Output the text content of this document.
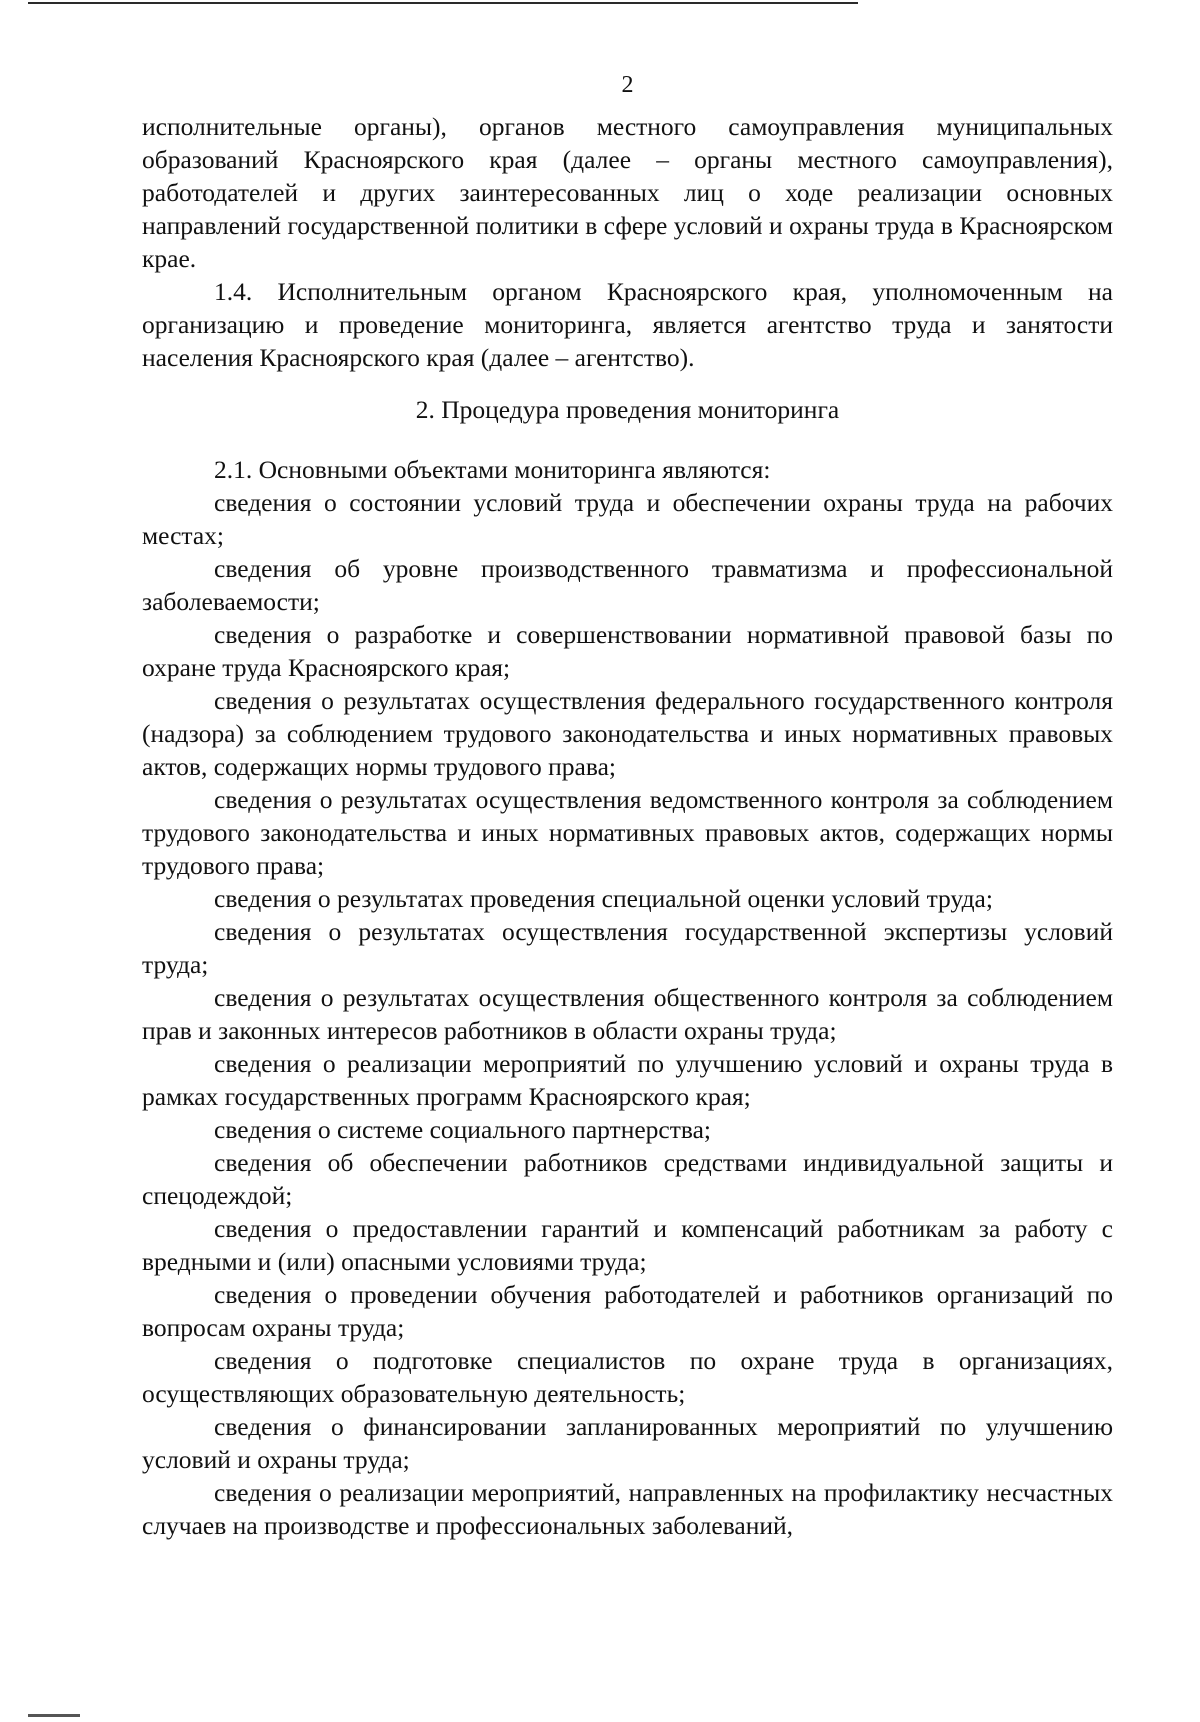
2

исполнительные органы), органов местного самоуправления муниципальных образований Красноярского края (далее – органы местного самоуправления), работодателей и других заинтересованных лиц о ходе реализации основных направлений государственной политики в сфере условий и охраны труда в Красноярском крае.

1.4. Исполнительным органом Красноярского края, уполномоченным на организацию и проведение мониторинга, является агентство труда и занятости населения Красноярского края (далее – агентство).

2. Процедура проведения мониторинга

2.1. Основными объектами мониторинга являются:

сведения о состоянии условий труда и обеспечении охраны труда на рабочих местах;

сведения об уровне производственного травматизма и профессиональной заболеваемости;

сведения о разработке и совершенствовании нормативной правовой базы по охране труда Красноярского края;

сведения о результатах осуществления федерального государственного контроля (надзора) за соблюдением трудового законодательства и иных нормативных правовых актов, содержащих нормы трудового права;

сведения о результатах осуществления ведомственного контроля за соблюдением трудового законодательства и иных нормативных правовых актов, содержащих нормы трудового права;

сведения о результатах проведения специальной оценки условий труда;

сведения о результатах осуществления государственной экспертизы условий труда;

сведения о результатах осуществления общественного контроля за соблюдением прав и законных интересов работников в области охраны труда;

сведения о реализации мероприятий по улучшению условий и охраны труда в рамках государственных программ Красноярского края;

сведения о системе социального партнерства;

сведения об обеспечении работников средствами индивидуальной защиты и спецодеждой;

сведения о предоставлении гарантий и компенсаций работникам за работу с вредными и (или) опасными условиями труда;

сведения о проведении обучения работодателей и работников организаций по вопросам охраны труда;

сведения о подготовке специалистов по охране труда в организациях, осуществляющих образовательную деятельность;

сведения о финансировании запланированных мероприятий по улучшению условий и охраны труда;

сведения о реализации мероприятий, направленных на профилактику несчастных случаев на производстве и профессиональных заболеваний,
